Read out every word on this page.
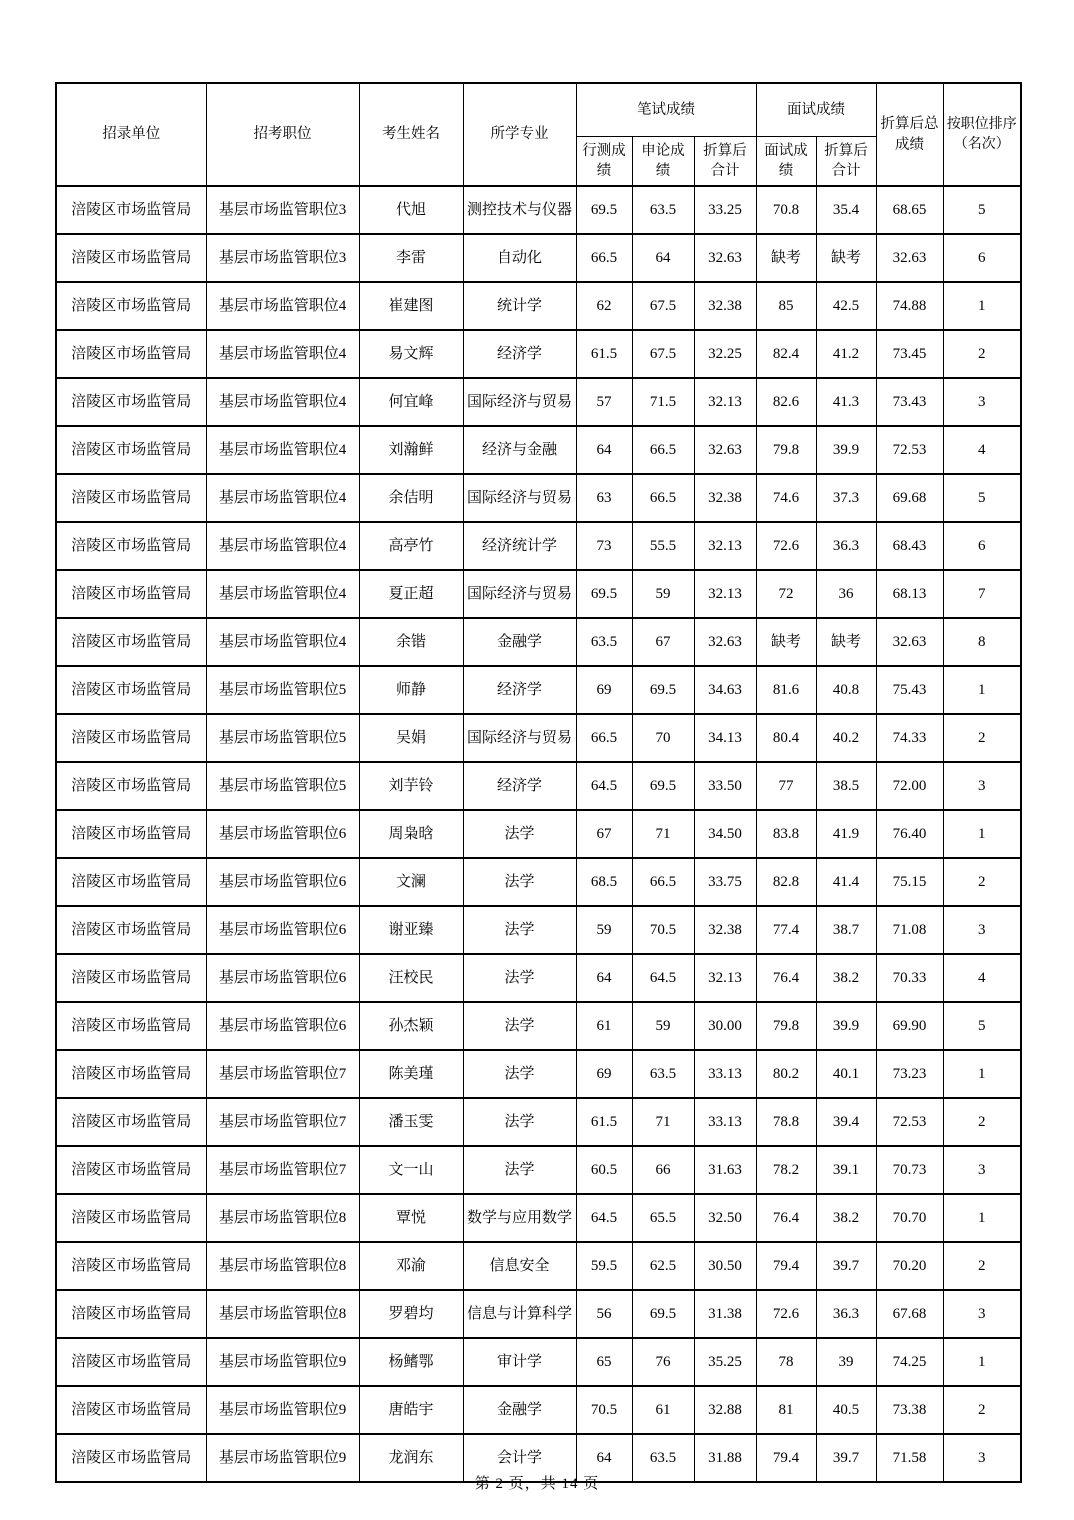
招录单位	招考职位	考生姓名	所学专业	笔试成绩			面试成绩		折算后总成绩	按职位排序（名次）
				行测成绩	申论成绩	折算后合计	面试成绩	折算后合计		
涪陵区市场监管局	基层市场监管职位3	代旭	测控技术与仪器	69.5	63.5	33.25	70.8	35.4	68.65	5
涪陵区市场监管局	基层市场监管职位3	李雷	自动化	66.5	64	32.63	缺考	缺考	32.63	6
涪陵区市场监管局	基层市场监管职位4	崔建图	统计学	62	67.5	32.38	85	42.5	74.88	1
涪陵区市场监管局	基层市场监管职位4	易文辉	经济学	61.5	67.5	32.25	82.4	41.2	73.45	2
涪陵区市场监管局	基层市场监管职位4	何宜峰	国际经济与贸易	57	71.5	32.13	82.6	41.3	73.43	3
涪陵区市场监管局	基层市场监管职位4	刘瀚鲜	经济与金融	64	66.5	32.63	79.8	39.9	72.53	4
涪陵区市场监管局	基层市场监管职位4	余佶明	国际经济与贸易	63	66.5	32.38	74.6	37.3	69.68	5
涪陵区市场监管局	基层市场监管职位4	高亭竹	经济统计学	73	55.5	32.13	72.6	36.3	68.43	6
涪陵区市场监管局	基层市场监管职位4	夏正超	国际经济与贸易	69.5	59	32.13	72	36	68.13	7
涪陵区市场监管局	基层市场监管职位4	余锴	金融学	63.5	67	32.63	缺考	缺考	32.63	8
涪陵区市场监管局	基层市场监管职位5	师静	经济学	69	69.5	34.63	81.6	40.8	75.43	1
涪陵区市场监管局	基层市场监管职位5	吴娟	国际经济与贸易	66.5	70	34.13	80.4	40.2	74.33	2
涪陵区市场监管局	基层市场监管职位5	刘芋铃	经济学	64.5	69.5	33.50	77	38.5	72.00	3
涪陵区市场监管局	基层市场监管职位6	周枭晗	法学	67	71	34.50	83.8	41.9	76.40	1
涪陵区市场监管局	基层市场监管职位6	文澜	法学	68.5	66.5	33.75	82.8	41.4	75.15	2
涪陵区市场监管局	基层市场监管职位6	谢亚臻	法学	59	70.5	32.38	77.4	38.7	71.08	3
涪陵区市场监管局	基层市场监管职位6	汪校民	法学	64	64.5	32.13	76.4	38.2	70.33	4
涪陵区市场监管局	基层市场监管职位6	孙杰颖	法学	61	59	30.00	79.8	39.9	69.90	5
涪陵区市场监管局	基层市场监管职位7	陈美瑾	法学	69	63.5	33.13	80.2	40.1	73.23	1
涪陵区市场监管局	基层市场监管职位7	潘玉雯	法学	61.5	71	33.13	78.8	39.4	72.53	2
涪陵区市场监管局	基层市场监管职位7	文一山	法学	60.5	66	31.63	78.2	39.1	70.73	3
涪陵区市场监管局	基层市场监管职位8	覃悦	数学与应用数学	64.5	65.5	32.50	76.4	38.2	70.70	1
涪陵区市场监管局	基层市场监管职位8	邓渝	信息安全	59.5	62.5	30.50	79.4	39.7	70.20	2
涪陵区市场监管局	基层市场监管职位8	罗碧均	信息与计算科学	56	69.5	31.38	72.6	36.3	67.68	3
涪陵区市场监管局	基层市场监管职位9	杨鳍鄂	审计学	65	76	35.25	78	39	74.25	1
涪陵区市场监管局	基层市场监管职位9	唐皓宇	金融学	70.5	61	32.88	81	40.5	73.38	2
涪陵区市场监管局	基层市场监管职位9	龙润东	会计学	64	63.5	31.88	79.4	39.7	71.58	3
第 2 页，共 14 页
